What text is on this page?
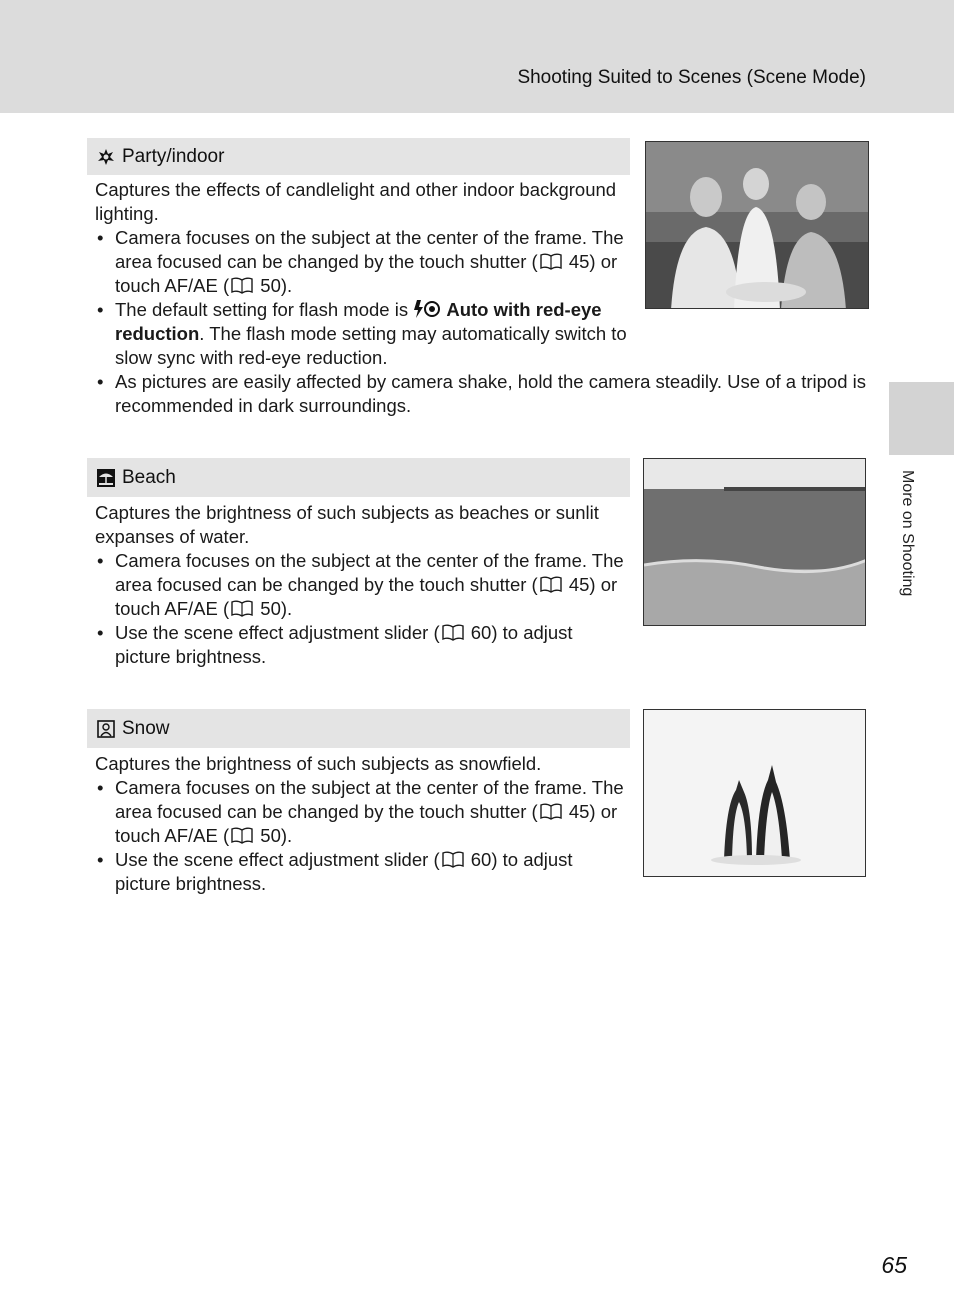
Shooting Suited to Scenes (Scene Mode)
More on Shooting
Party/indoor

Captures the effects of candlelight and other indoor background lighting.

• Camera focuses on the subject at the center of the frame. The area focused can be changed by the touch shutter ( 45) or touch AF/AE ( 50).
• The default setting for flash mode is  Auto with red-eye reduction. The flash mode setting may automatically switch to slow sync with red-eye reduction.
• As pictures are easily affected by camera shake, hold the camera steadily. Use of a tripod is recommended in dark surroundings.
Beach

Captures the brightness of such subjects as beaches or sunlit expanses of water.

• Camera focuses on the subject at the center of the frame. The area focused can be changed by the touch shutter ( 45) or touch AF/AE ( 50).
• Use the scene effect adjustment slider ( 60) to adjust picture brightness.
Snow

Captures the brightness of such subjects as snowfield.

• Camera focuses on the subject at the center of the frame. The area focused can be changed by the touch shutter ( 45) or touch AF/AE ( 50).
• Use the scene effect adjustment slider ( 60) to adjust picture brightness.
65
